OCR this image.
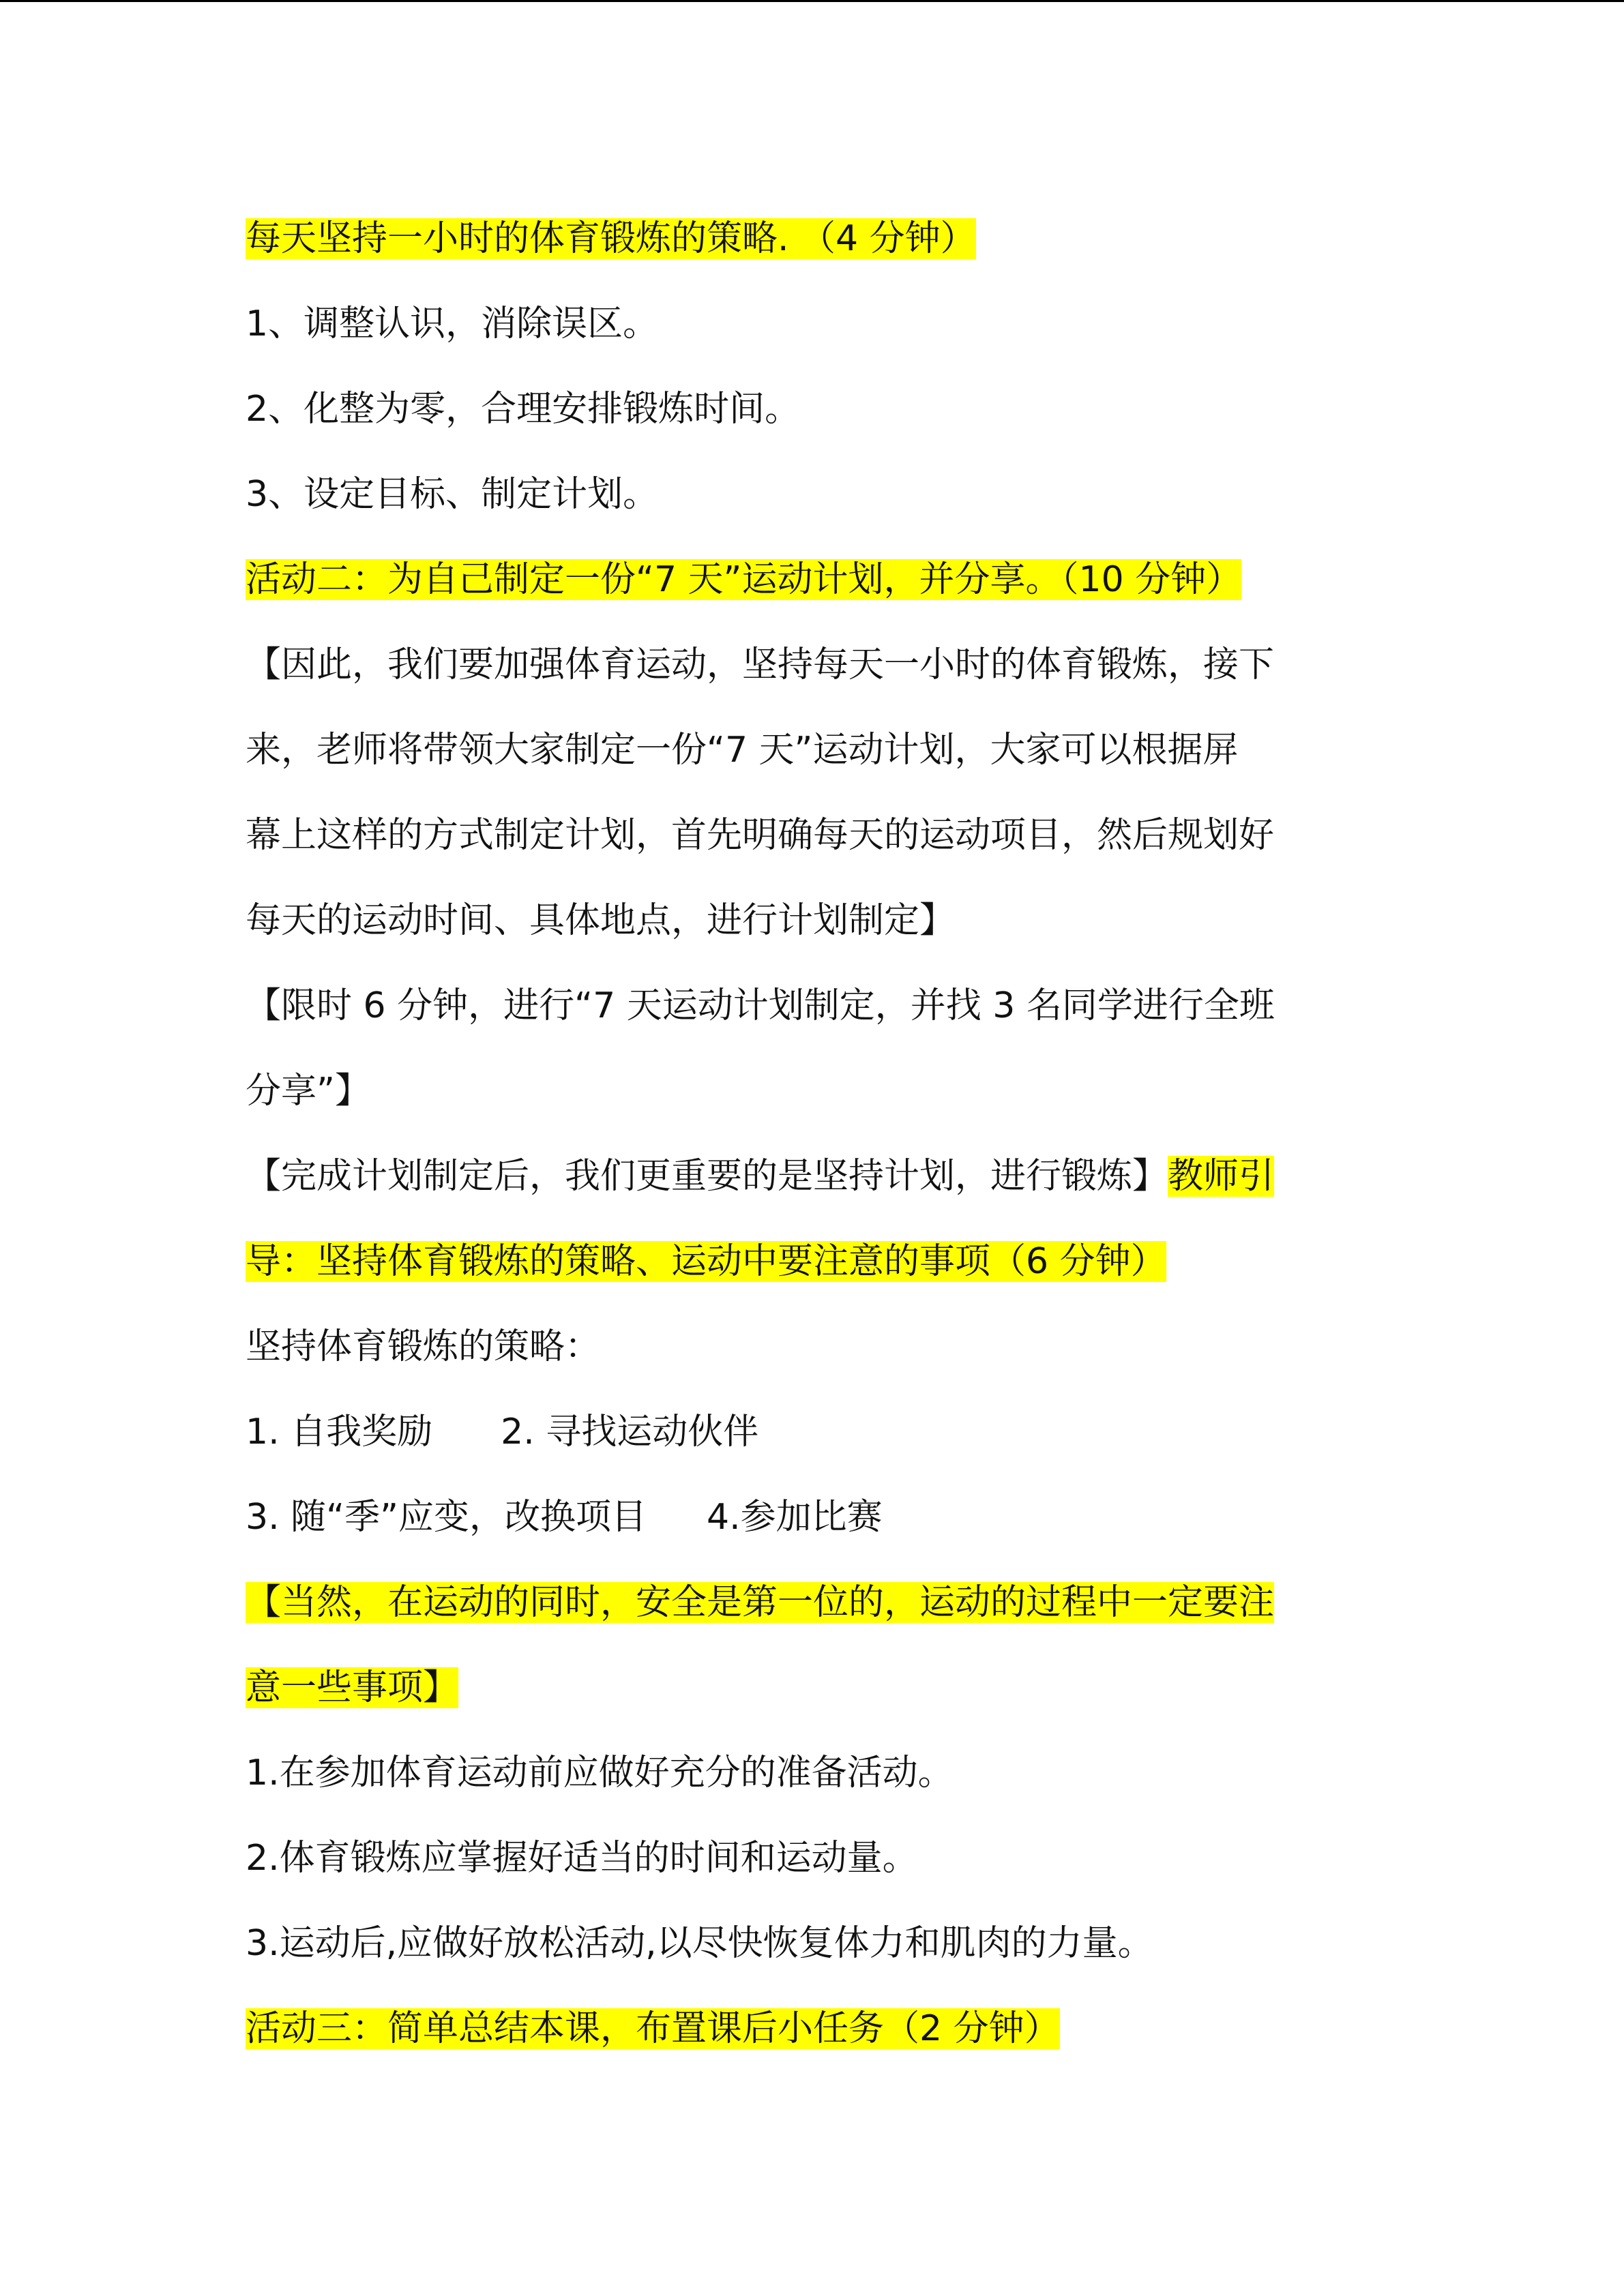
每天坚持一小时的体育锻炼的策略. （4 分钟）
1、调整认识，消除误区。
2、化整为零，合理安排锻炼时间。
3、设定目标、制定计划。
活动二：为自己制定一份“7 天”运动计划，并分享。（10 分钟）
【因此，我们要加强体育运动，坚持每天一小时的体育锻炼，接下
来，老师将带领大家制定一份“7 天”运动计划，大家可以根据屏
幕上这样的方式制定计划，首先明确每天的运动项目，然后规划好
每天的运动时间、具体地点，进行计划制定】
【限时 6 分钟，进行“7 天运动计划制定，并找 3 名同学进行全班
分享”】
【完成计划制定后，我们更重要的是坚持计划，进行锻炼】教师引
导：坚持体育锻炼的策略、运动中要注意的事项（6 分钟）
坚持体育锻炼的策略：
1. 自我奖励 2. 寻找运动伙伴
3. 随“季”应变，改换项目 4.参加比赛
【当然，在运动的同时，安全是第一位的，运动的过程中一定要注
意一些事项】
1.在参加体育运动前应做好充分的准备活动。
2.体育锻炼应掌握好适当的时间和运动量。
3.运动后,应做好放松活动,以尽快恢复体力和肌肉的力量。
活动三：简单总结本课，布置课后小任务（2 分钟）
